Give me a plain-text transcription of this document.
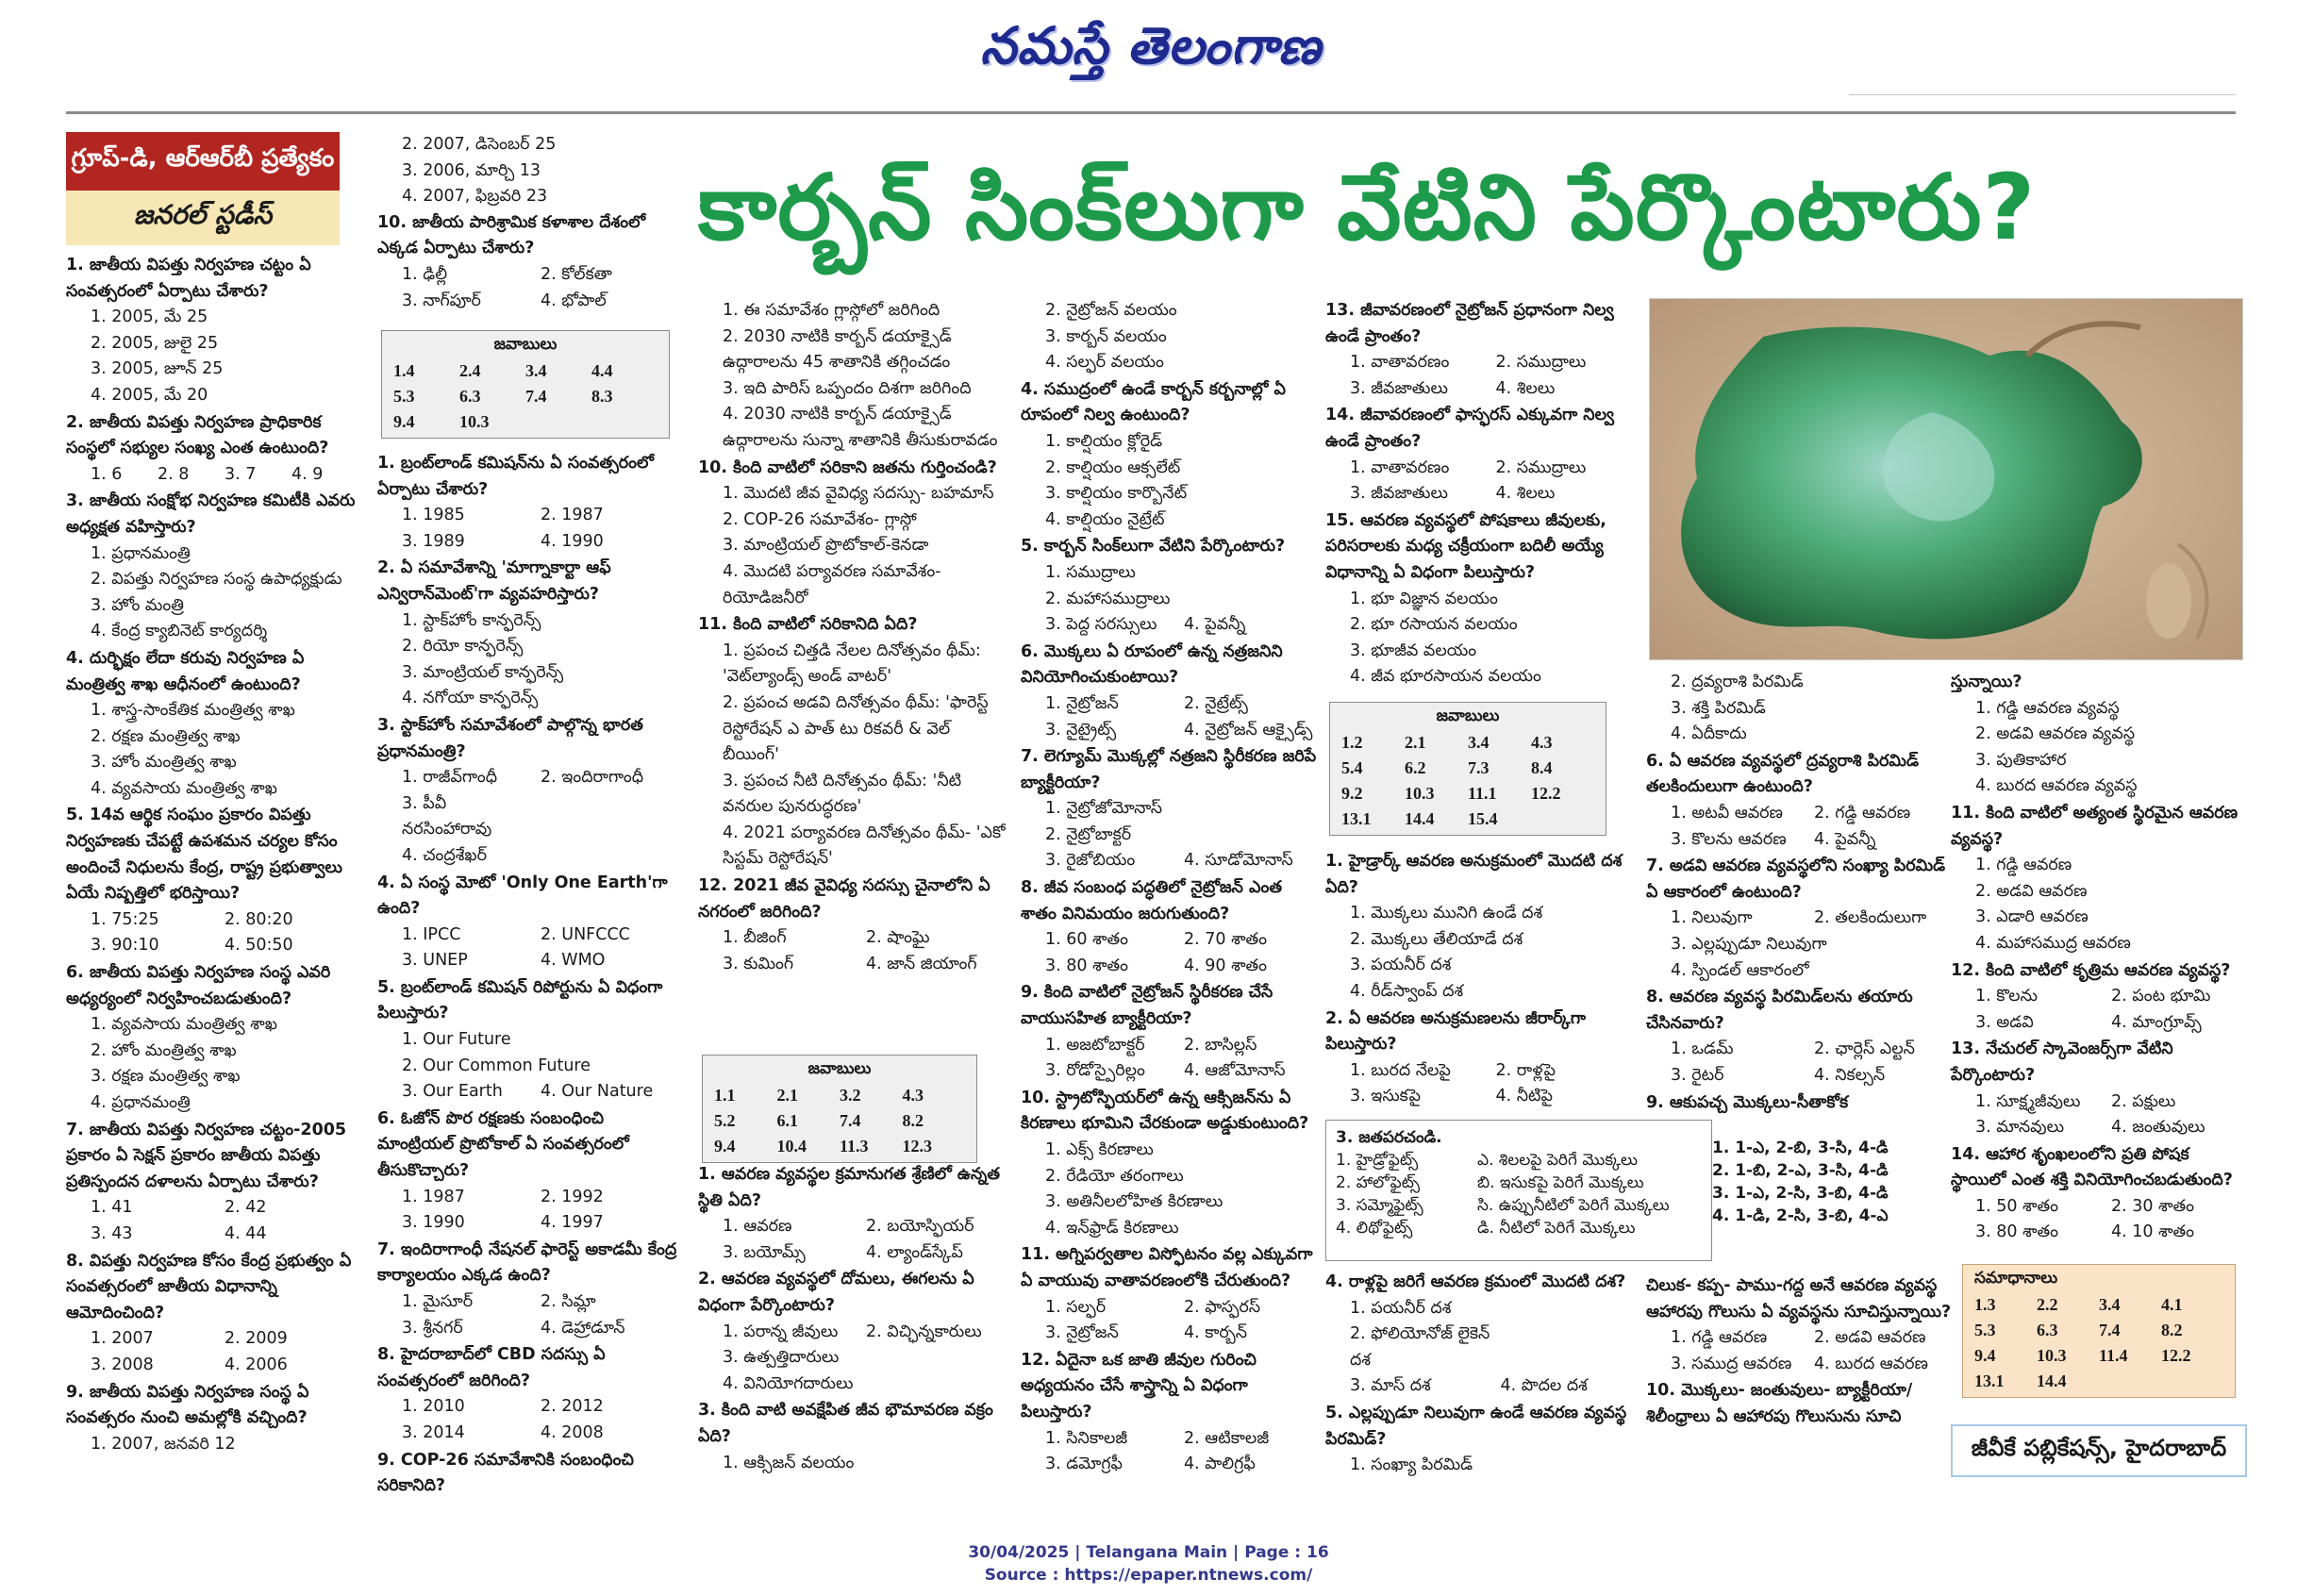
నమస్తే తెలంగాణ
గ్రూప్‌-డి, ఆర్‌ఆర్‌బీ ప్రత్యేకం
జనరల్‌ స్టడీస్‌	కార్బన్‌ సింక్‌లుగా వేటిని పేర్కొంటారు?
1. జాతీయ విపత్తు నిర్వహణ చట్టం ఏ సంవత్సరంలో ఏర్పాటు చేశారు?
1. 2005, మే 25
2. 2005, జులై 25
3. 2005, జూన్‌ 25
4. 2005, మే 20
2. జాతీయ విపత్తు నిర్వహణ ప్రాధికారిక సంస్థలో సభ్యుల సంఖ్య ఎంత ఉంటుంది?
1. 6	2. 8	3. 7	4. 9
3. జాతీయ సంక్షోభ నిర్వహణ కమిటీకి ఎవరు అధ్యక్షత వహిస్తారు?
1. ప్రధానమంత్రి
2. విపత్తు నిర్వహణ సంస్థ ఉపాధ్యక్షుడు
3. హోం మంత్రి
4. కేంద్ర క్యాబినెట్‌ కార్యదర్శి
4. దుర్భిక్షం లేదా కరువు నిర్వహణ ఏ మంత్రిత్వ శాఖ ఆధీనంలో ఉంటుంది?
1. శాస్త్ర-సాంకేతిక మంత్రిత్వ శాఖ
2. రక్షణ మంత్రిత్వ శాఖ
3. హోం మంత్రిత్వ శాఖ
4. వ్యవసాయ మంత్రిత్వ శాఖ
5. 14వ ఆర్థిక సంఘం ప్రకారం విపత్తు నిర్వహణకు చేపట్టే ఉపశమన చర్యల కోసం అందించే నిధులను కేంద్ర, రాష్ట్ర ప్రభుత్వాలు ఏయే నిష్పత్తిలో భరిస్తాయి?
1. 75:25	2. 80:20
3. 90:10	4. 50:50
6. జాతీయ విపత్తు నిర్వహణ సంస్థ ఎవరి అధ్యర్యంలో నిర్వహించబడుతుంది?
1. వ్యవసాయ మంత్రిత్వ శాఖ
2. హోం మంత్రిత్వ శాఖ
3. రక్షణ మంత్రిత్వ శాఖ
4. ప్రధానమంత్రి
7. జాతీయ విపత్తు నిర్వహణ చట్టం-2005 ప్రకారం ఏ సెక్షన్‌ ప్రకారం జాతీయ విపత్తు ప్రతిస్పందన దళాలను ఏర్పాటు చేశారు?
1. 41	2. 42
3. 43	4. 44
8. విపత్తు నిర్వహణ కోసం కేంద్ర ప్రభుత్వం ఏ సంవత్సరంలో జాతీయ విధానాన్ని ఆమోదించింది?
1. 2007	2. 2009
3. 2008	4. 2006
9. జాతీయ విపత్తు నిర్వహణ సంస్థ ఏ సంవత్సరం నుంచి అమల్లోకి వచ్చింది?
1. 2007, జనవరి 12
2. 2007, డిసెంబర్‌ 25
3. 2006, మార్చి 13
4. 2007, ఫిబ్రవరి 23
10. జాతీయ పారిశ్రామిక కళాశాల దేశంలో ఎక్కడ ఏర్పాటు చేశారు?
1. ఢిల్లీ	2. కోల్‌కతా
3. నాగ్‌పూర్‌	4. భోపాల్‌
జవాబులు
1.4	2.4	3.4	4.4
5.3	6.3	7.4	8.3
9.4	10.3
1. బ్రంట్‌లాండ్‌ కమిషన్‌ను ఏ సంవత్సరంలో ఏర్పాటు చేశారు?
1. 1985	2. 1987
3. 1989	4. 1990
2. ఏ సమావేశాన్ని 'మాగ్నాకార్టా ఆఫ్‌ ఎన్విరాన్‌మెంట్‌'గా వ్యవహరిస్తారు?
1. స్టాక్‌హోం కాన్ఫరెన్స్‌
2. రియో కాన్ఫరెన్స్‌
3. మాంట్రియల్‌ కాన్ఫరెన్స్‌
4. నగోయా కాన్ఫరెన్స్‌
3. స్టాక్‌హోం సమావేశంలో పాల్గొన్న భారత ప్రధానమంత్రి?
1. రాజీవ్‌గాంధీ	2. ఇందిరాగాంధీ
3. పీవీ నరసింహారావు
4. చంద్రశేఖర్‌
4. ఏ సంస్థ మోటో 'Only One Earth'గా ఉంది?
1. IPCC	2. UNFCCC
3. UNEP	4. WMO
5. బ్రంట్‌లాండ్‌ కమిషన్‌ రిపోర్టును ఏ విధంగా పిలుస్తారు?
1. Our Future
2. Our Common Future
3. Our Earth	4. Our Nature
6. ఓజోన్‌ పొర రక్షణకు సంబంధించి మాంట్రియల్‌ ప్రొటోకాల్‌ ఏ సంవత్సరంలో తీసుకొచ్చారు?
1. 1987	2. 1992
3. 1990	4. 1997
7. ఇందిరాగాంధీ నేషనల్‌ ఫారెస్ట్‌ అకాడమీ కేంద్ర కార్యాలయం ఎక్కడ ఉంది?
1. మైసూర్‌	2. సిమ్లా
3. శ్రీనగర్‌	4. డెహ్రాడూన్‌
8. హైదరాబాద్‌లో CBD సదస్సు ఏ సంవత్సరంలో జరిగింది?
1. 2010	2. 2012
3. 2014	4. 2008
9. COP-26 సమావేశానికి సంబంధించి సరికానిది?
1. ఈ సమావేశం గ్లాస్గోలో జరిగింది
2. 2030 నాటికి కార్బన్‌ డయాక్సైడ్‌ ఉద్గారాలను 45 శాతానికి తగ్గించడం
3. ఇది పారిస్‌ ఒప్పందం దిశగా జరిగింది
4. 2030 నాటికి కార్బన్‌ డయాక్సైడ్‌ ఉద్గారాలను సున్నా శాతానికి తీసుకురావడం
10. కింది వాటిలో సరికాని జతను గుర్తించండి?
1. మొదటి జీవ వైవిధ్య సదస్సు- బహమాస్‌
2. COP-26 సమావేశం- గ్లాస్గో
3. మాంట్రియల్‌ ప్రొటోకాల్‌-కెనడా
4. మొదటి పర్యావరణ సమావేశం- రియోడిజనీరో
11. కింది వాటిలో సరికానిది ఏది?
1. ప్రపంచ చిత్తడి నేలల దినోత్సవం థీమ్‌: 'వెట్‌ల్యాండ్స్‌ అండ్‌ వాటర్‌'
2. ప్రపంచ అడవి దినోత్సవం థీమ్‌: 'ఫారెస్ట్‌ రెస్టోరేషన్‌ ఎ పాత్‌ టు రికవరీ & వెల్‌ బీయింగ్‌'
3. ప్రపంచ నీటి దినోత్సవం థీమ్‌: 'నీటి వనరుల పునరుద్ధరణ'
4. 2021 పర్యావరణ దినోత్సవం థీమ్‌- 'ఎకో సిస్టమ్‌ రెస్టోరేషన్‌'
12. 2021 జీవ వైవిధ్య సదస్సు చైనాలోని ఏ నగరంలో జరిగింది?
1. బీజింగ్‌	2. షాంఘై
3. కుమింగ్‌	4. జాన్‌ జియాంగ్‌
జవాబులు
1.1	2.1	3.2	4.3
5.2	6.1	7.4	8.2
9.4	10.4	11.3	12.3
1. ఆవరణ వ్యవస్థల క్రమానుగత శ్రేణిలో ఉన్నత స్థితి ఏది?
1. ఆవరణ	2. బయోస్ఫియర్‌
3. బయోమ్స్‌	4. ల్యాండ్‌స్కేప్‌
2. ఆవరణ వ్యవస్థలో దోమలు, ఈగలను ఏ విధంగా పేర్కొంటారు?
1. పరాన్న జీవులు	2. విచ్ఛిన్నకారులు
3. ఉత్పత్తిదారులు
4. వినియోగదారులు
3. కింది వాటి అవక్షేపిత జీవ భౌమావరణ వక్రం ఏది?
1. ఆక్సిజన్‌ వలయం
2. నైట్రోజన్‌ వలయం
3. కార్బన్‌ వలయం
4. సల్ఫర్‌ వలయం
4. సముద్రంలో ఉండే కార్బన్‌ కర్బనాల్లో ఏ రూపంలో నిల్వ ఉంటుంది?
1. కాల్షియం క్లోరైడ్‌
2. కాల్షియం ఆక్సలేట్‌
3. కాల్షియం కార్బొనేట్‌
4. కాల్షియం నైట్రేట్‌
5. కార్బన్‌ సింక్‌లుగా వేటిని పేర్కొంటారు?
1. సముద్రాలు
2. మహాసముద్రాలు
3. పెద్ద సరస్సులు	4. పైవన్నీ
6. మొక్కలు ఏ రూపంలో ఉన్న నత్రజనిని వినియోగించుకుంటాయి?
1. నైట్రోజన్‌	2. నైట్రేట్స్‌
3. నైట్రైట్స్‌	4. నైట్రోజన్‌ ఆక్సైడ్స్‌
7. లెగ్యూమ్‌ మొక్కల్లో నత్రజని స్థిరీకరణ జరిపే బ్యాక్టీరియా?
1. నైట్రోజోమోనాస్‌
2. నైట్రోబాక్టర్‌
3. రైజోబియం	4. సూడోమోనాస్‌
8. జీవ సంబంధ పద్ధతిలో నైట్రోజన్‌ ఎంత శాతం వినిమయం జరుగుతుంది?
1. 60 శాతం	2. 70 శాతం
3. 80 శాతం	4. 90 శాతం
9. కింది వాటిలో నైట్రోజన్‌ స్థిరీకరణ చేసే వాయుసహిత బ్యాక్టీరియా?
1. అజటోబాక్టర్‌	2. బాసిల్లస్‌
3. రోడోస్పైరిల్లం	4. ఆజోమోనాస్‌
10. స్ట్రాటోస్ఫియర్‌లో ఉన్న ఆక్సిజన్‌ను ఏ కిరణాలు భూమిని చేరకుండా అడ్డుకుంటుంది?
1. ఎక్స్‌ కిరణాలు
2. రేడియో తరంగాలు
3. అతినీలలోహిత కిరణాలు
4. ఇన్‌ఫ్రాడ్‌ కిరణాలు
11. అగ్నిపర్వతాల విస్ఫోటనం వల్ల ఎక్కువగా ఏ వాయువు వాతావరణంలోకి చేరుతుంది?
1. సల్ఫర్‌	2. ఫాస్ఫరస్‌
3. నైట్రోజన్‌	4. కార్బన్‌
12. ఏదైనా ఒక జాతి జీవుల గురించి అధ్యయనం చేసే శాస్త్రాన్ని ఏ విధంగా పిలుస్తారు?
1. సినికాలజీ	2. ఆటికాలజీ
3. డమోగ్రఫీ	4. పాలిగ్రఫీ
13. జీవావరణంలో నైట్రోజన్‌ ప్రధానంగా నిల్వ ఉండే ప్రాంతం?
1. వాతావరణం	2. సముద్రాలు
3. జీవజాతులు	4. శిలలు
14. జీవావరణంలో ఫాస్ఫరస్‌ ఎక్కువగా నిల్వ ఉండే ప్రాంతం?
1. వాతావరణం	2. సముద్రాలు
3. జీవజాతులు	4. శిలలు
15. ఆవరణ వ్యవస్థలో పోషకాలు జీవులకు, పరిసరాలకు మధ్య చక్రీయంగా బదిలీ అయ్యే విధానాన్ని ఏ విధంగా పిలుస్తారు?
1. భూ విజ్ఞాన వలయం
2. భూ రసాయన వలయం
3. భూజీవ వలయం
4. జీవ భూరసాయన వలయం
జవాబులు
1.2	2.1	3.4	4.3
5.4	6.2	7.3	8.4
9.2	10.3	11.1	12.2
13.1	14.4	15.4
1. హైడ్రార్క్‌ ఆవరణ అనుక్రమంలో మొదటి దశ ఏది?
1. మొక్కలు మునిగి ఉండే దశ
2. మొక్కలు తేలియాడే దశ
3. పయనీర్‌ దశ
4. రీడ్‌స్వాంప్‌ దశ
2. ఏ ఆవరణ అనుక్రమణలను జీరార్క్‌గా పిలుస్తారు?
1. బురద నేలపై	2. రాళ్లపై
3. ఇసుకపై	4. నీటిపై
3. జతపరచండి.
1. హైడ్రోఫైట్స్‌	ఎ. శిలలపై పెరిగే మొక్కలు
2. హాలోఫైట్స్‌	బి. ఇసుకపై పెరిగే మొక్కలు
3. సమ్మోఫైట్స్‌	సి. ఉప్పునీటిలో పెరిగే మొక్కలు
4. లిథోఫైట్స్‌	డి. నీటిలో పెరిగే మొక్కలు
1. 1-ఎ, 2-బి, 3-సి, 4-డి
2. 1-బి, 2-ఎ, 3-సి, 4-డి
3. 1-ఎ, 2-సి, 3-బి, 4-డి
4. 1-డి, 2-సి, 3-బి, 4-ఎ
4. రాళ్లపై జరిగే ఆవరణ క్రమంలో మొదటి దశ?
1. పయనీర్‌ దశ
2. ఫోలియోనోజ్‌ లైకెన్‌ దశ
3. మాస్‌ దశ	4. పొదల దశ
5. ఎల్లప్పుడూ నిలువుగా ఉండే ఆవరణ వ్యవస్థ పిరమిడ్‌?
1. సంఖ్యా పిరమిడ్‌
2. ద్రవ్యరాశి పిరమిడ్‌
3. శక్తి పిరమిడ్‌
4. ఏదీకాదు
6. ఏ ఆవరణ వ్యవస్థలో ద్రవ్యరాశి పిరమిడ్‌ తలకిందులుగా ఉంటుంది?
1. అటవీ ఆవరణ	2. గడ్డి ఆవరణ
3. కొలను ఆవరణ	4. పైవన్నీ
7. అడవి ఆవరణ వ్యవస్థలోని సంఖ్యా పిరమిడ్‌ ఏ ఆకారంలో ఉంటుంది?
1. నిలువుగా	2. తలకిందులుగా
3. ఎల్లప్పుడూ నిలువుగా
4. స్పిండల్‌ ఆకారంలో
8. ఆవరణ వ్యవస్థ పిరమిడ్‌లను తయారు చేసినవారు?
1. ఒడమ్‌	2. ఛార్లెస్‌ ఎల్టన్‌
3. రైటర్‌	4. నికల్సన్‌
9. ఆకుపచ్చ మొక్కలు-సీతాకోక
చిలుక- కప్ప- పాము-గద్ద అనే ఆవరణ వ్యవస్థ ఆహారపు గొలుసు ఏ వ్యవస్థను సూచిస్తున్నాయి?
1. గడ్డి ఆవరణ	2. అడవి ఆవరణ
3. సముద్ర ఆవరణ	4. బురద ఆవరణ
10. మొక్కలు- జంతువులు- బ్యాక్టీరియా/శిలీంధ్రాలు ఏ ఆహారపు గొలుసును సూచి
స్తున్నాయి?
1. గడ్డి ఆవరణ వ్యవస్థ
2. అడవి ఆవరణ వ్యవస్థ
3. పుతికాహార
4. బురద ఆవరణ వ్యవస్థ
11. కింది వాటిలో అత్యంత స్థిరమైన ఆవరణ వ్యవస్థ?
1. గడ్డి ఆవరణ
2. అడవి ఆవరణ
3. ఎడారి ఆవరణ
4. మహాసముద్ర ఆవరణ
12. కింది వాటిలో కృత్రిమ ఆవరణ వ్యవస్థ?
1. కొలను	2. పంట భూమి
3. అడవి	4. మాంగ్రూవ్స్‌
13. నేచురల్‌ స్కావెంజర్స్‌గా వేటిని పేర్కొంటారు?
1. సూక్ష్మజీవులు	2. పక్షులు
3. మానవులు	4. జంతువులు
14. ఆహార శృంఖలంలోని ప్రతి పోషక స్థాయిలో ఎంత శక్తి వినియోగించబడుతుంది?
1. 50 శాతం	2. 30 శాతం
3. 80 శాతం	4. 10 శాతం
సమాధానాలు
1.3	2.2	3.4	4.1
5.3	6.3	7.4	8.2
9.4	10.3	11.4	12.2
13.1	14.4
జీవీకే పబ్లికేషన్స్‌, హైదరాబాద్‌
30/04/2025 | Telangana Main | Page : 16
Source : https://epaper.ntnews.com/
